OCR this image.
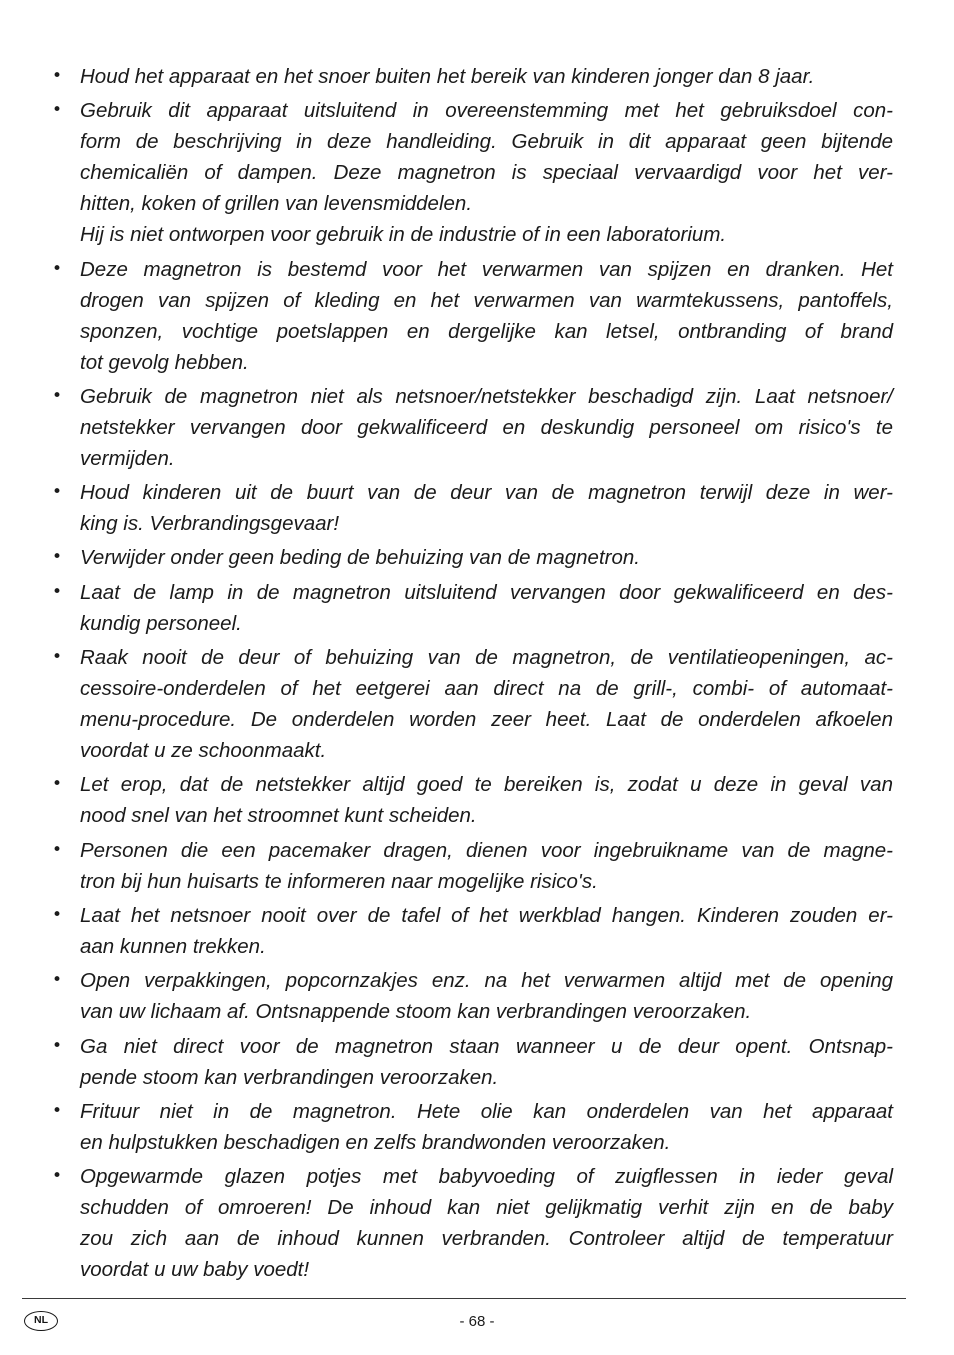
• Houd het apparaat en het snoer buiten het bereik van kinderen jonger dan 8 jaar.
• Gebruik dit apparaat uitsluitend in overeenstemming met het gebruiksdoel con-
form de beschrijving in deze handleiding. Gebruik in dit apparaat geen bijtende
chemicaliën of dampen. Deze magnetron is speciaal vervaardigd voor het ver-
hitten, koken of grillen van levensmiddelen.
Hij is niet ontworpen voor gebruik in de industrie of in een laboratorium.
• Deze magnetron is bestemd voor het verwarmen van spijzen en dranken. Het
drogen van spijzen of kleding en het verwarmen van warmtekussens, pantoffels,
sponzen, vochtige poetslappen en dergelijke kan letsel, ontbranding of brand
tot gevolg hebben.
• Gebruik de magnetron niet als netsnoer/netstekker beschadigd zijn. Laat netsnoer/
netstekker vervangen door gekwalificeerd en deskundig personeel om risico's te
vermijden.
• Houd kinderen uit de buurt van de deur van de magnetron terwijl deze in wer-
king is. Verbrandingsgevaar!
• Verwijder onder geen beding de behuizing van de magnetron.
• Laat de lamp in de magnetron uitsluitend vervangen door gekwalificeerd en des-
kundig personeel.
• Raak nooit de deur of behuizing van de magnetron, de ventilatieopeningen, ac-
cessoire-onderdelen of het eetgerei aan direct na de grill-, combi- of automaat-
menu-procedure. De onderdelen worden zeer heet. Laat de onderdelen afkoelen
voordat u ze schoonmaakt.
• Let erop, dat de netstekker altijd goed te bereiken is, zodat u deze in geval van
nood snel van het stroomnet kunt scheiden.
• Personen die een pacemaker dragen, dienen voor ingebruikname van de magne-
tron bij hun huisarts te informeren naar mogelijke risico's.
• Laat het netsnoer nooit over de tafel of het werkblad hangen. Kinderen zouden er-
aan kunnen trekken.
• Open verpakkingen, popcornzakjes enz. na het verwarmen altijd met de opening
van uw lichaam af. Ontsnappende stoom kan verbrandingen veroorzaken.
• Ga niet direct voor de magnetron staan wanneer u de deur opent. Ontsnap-
pende stoom kan verbrandingen veroorzaken.
• Frituur niet in de magnetron. Hete olie kan onderdelen van het apparaat
en hulpstukken beschadigen en zelfs brandwonden veroorzaken.
• Opgewarmde glazen potjes met babyvoeding of zuigflessen in ieder geval
schudden of omroeren! De inhoud kan niet gelijkmatig verhit zijn en de baby
zou zich aan de inhoud kunnen verbranden. Controleer altijd de temperatuur
voordat u uw baby voedt!
NL	- 68 -
